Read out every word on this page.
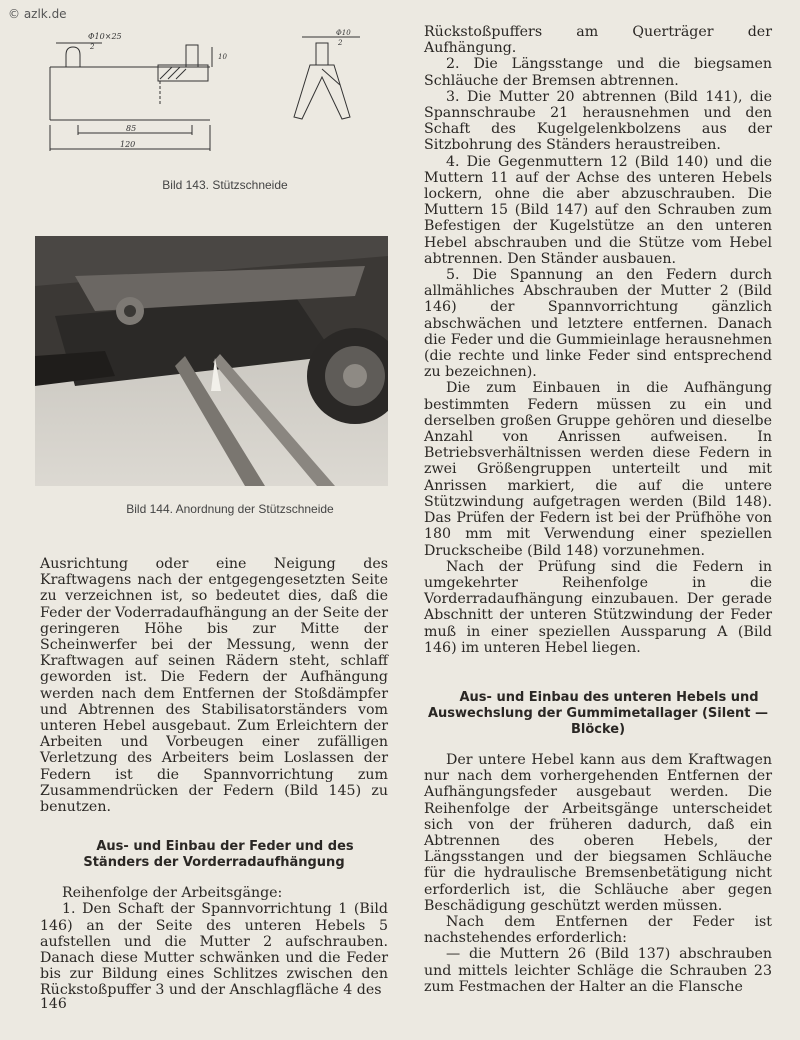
© azlk.de
Φ10×25
2
10
85
120
Φ10
2
Bild 143. Stützschneide
Bild 144. Anordnung der Stützschneide

Ausrichtung oder eine Neigung des Kraftwagens nach der entgegengesetzten Seite zu verzeichnen ist, so bedeutet dies, daß die Feder der Voderradaufhängung an der Seite der geringeren Höhe bis zur Mitte der Scheinwerfer bei der Messung, wenn der Kraftwagen auf seinen Rädern steht, schlaff geworden ist. Die Federn der Aufhängung werden nach dem Entfernen der Stoßdämpfer und Abtrennen des Stabilisatorständers vom unteren Hebel ausgebaut. Zum Erleichtern der Arbeiten und Vorbeugen einer zufälligen Verletzung des Arbeiters beim Loslassen der Federn ist die Spannvorrichtung zum Zusammendrücken der Federn (Bild 145) zu benutzen.

Aus- und Einbau der Feder und des Ständers der Vorderradaufhängung

Reihenfolge der Arbeitsgänge:

1. Den Schaft der Spannvorrichtung 1 (Bild 146) an der Seite des unteren Hebels 5 aufstellen und die Mutter 2 aufschrauben. Danach diese Mutter schwänken und die Feder bis zur Bildung eines Schlitzes zwischen den Rückstoßpuffer 3 und der Anschlagfläche 4 des

Rückstoßpuffers am Querträger der Aufhängung.

2. Die Längsstange und die biegsamen Schläuche der Bremsen abtrennen.

3. Die Mutter 20 abtrennen (Bild 141), die Spannschraube 21 herausnehmen und den Schaft des Kugelgelenkbolzens aus der Sitzbohrung des Ständers heraustreiben.

4. Die Gegenmuttern 12 (Bild 140) und die Muttern 11 auf der Achse des unteren Hebels lockern, ohne die aber abzuschrauben. Die Muttern 15 (Bild 147) auf den Schrauben zum Befestigen der Kugelstütze an den unteren Hebel abschrauben und die Stütze vom Hebel abtrennen. Den Ständer ausbauen.

5. Die Spannung an den Federn durch allmähliches Abschrauben der Mutter 2 (Bild 146) der Spannvorrichtung gänzlich abschwächen und letztere entfernen. Danach die Feder und die Gummieinlage herausnehmen (die rechte und linke Feder sind entsprechend zu bezeichnen).

Die zum Einbauen in die Aufhängung bestimmten Federn müssen zu ein und derselben großen Gruppe gehören und dieselbe Anzahl von Anrissen aufweisen. In Betriebsverhältnissen werden diese Federn in zwei Größengruppen unterteilt und mit Anrissen markiert, die auf die untere Stützwindung aufgetragen werden (Bild 148). Das Prüfen der Federn ist bei der Prüfhöhe von 180 mm mit Verwendung einer speziellen Druckscheibe (Bild 148) vorzunehmen.

Nach der Prüfung sind die Federn in umgekehrter Reihenfolge in die Vorderradaufhängung einzubauen. Der gerade Abschnitt der unteren Stützwindung der Feder muß in einer speziellen Aussparung A (Bild 146) im unteren Hebel liegen.

Aus- und Einbau des unteren Hebels und Auswechslung der Gummimetallager (Silent — Blöcke)

Der untere Hebel kann aus dem Kraftwagen nur nach dem vorhergehenden Entfernen der Aufhängungsfeder ausgebaut werden. Die Reihenfolge der Arbeitsgänge unterscheidet sich von der früheren dadurch, daß ein Abtrennen des oberen Hebels, der Längsstangen und der biegsamen Schläuche für die hydraulische Bremsenbetätigung nicht erforderlich ist, die Schläuche aber gegen Beschädigung geschützt werden müssen.

Nach dem Entfernen der Feder ist nachstehendes erforderlich:

— die Muttern 26 (Bild 137) abschrauben und mittels leichter Schläge die Schrauben 23 zum Festmachen der Halter an die Flansche

146
